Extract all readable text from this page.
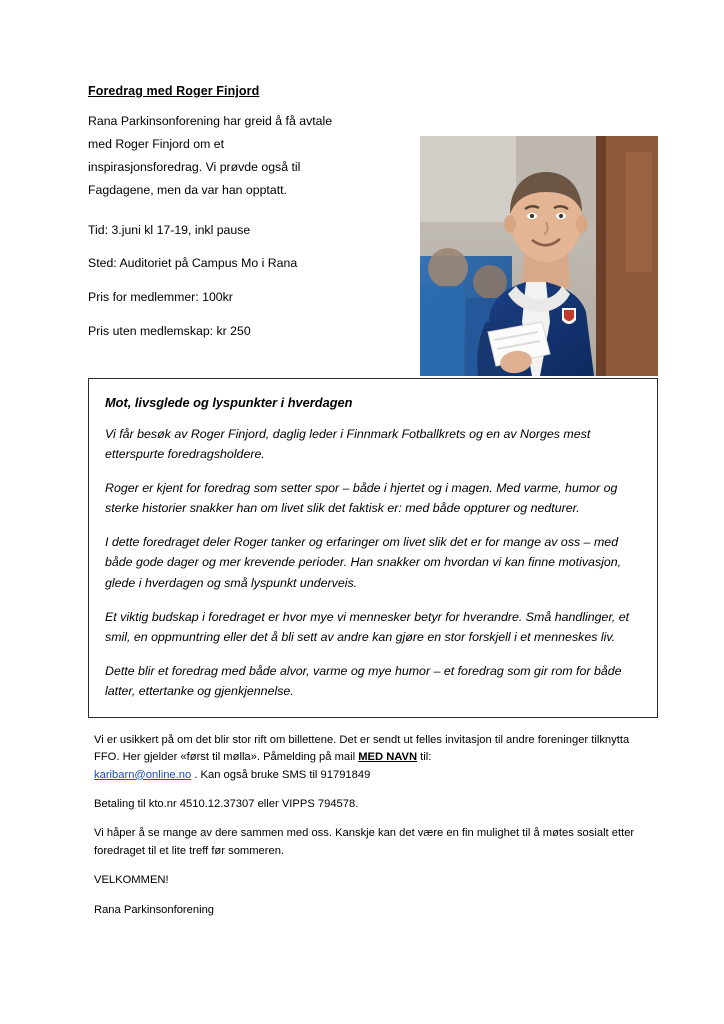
Foredrag med Roger Finjord

Rana Parkinsonforening har greid å få avtale

med Roger Finjord om et

inspirasjonsforedrag. Vi prøvde også til

Fagdagene, men da var han opptatt.

Tid: 3.juni kl 17-19, inkl pause

Sted: Auditoriet på Campus Mo i Rana

Pris for medlemmer: 100kr

Pris uten medlemskap: kr 250

Mot, livsglede og lyspunkter i hverdagen

Vi får besøk av Roger Finjord, daglig leder i Finnmark Fotballkrets og en av Norges mest etterspurte foredragsholdere.

Roger er kjent for foredrag som setter spor – både i hjertet og i magen. Med varme, humor og sterke historier snakker han om livet slik det faktisk er: med både oppturer og nedturer.

I dette foredraget deler Roger tanker og erfaringer om livet slik det er for mange av oss – med både gode dager og mer krevende perioder. Han snakker om hvordan vi kan finne motivasjon, glede i hverdagen og små lyspunkt underveis.

Et viktig budskap i foredraget er hvor mye vi mennesker betyr for hverandre. Små handlinger, et smil, en oppmuntring eller det å bli sett av andre kan gjøre en stor forskjell i et menneskes liv.

Dette blir et foredrag med både alvor, varme og mye humor – et foredrag som gir rom for både latter, ettertanke og gjenkjennelse.

Vi er usikkert på om det blir stor rift om billettene. Det er sendt ut felles invitasjon til andre foreninger tilknytta FFO. Her gjelder «først til mølla». Påmelding på mail MED NAVN til:
karibarn@online.no . Kan også bruke SMS til 91791849

Betaling til kto.nr 4510.12.37307 eller VIPPS 794578.

Vi håper å se mange av dere sammen med oss. Kanskje kan det være en fin mulighet til å møtes sosialt etter foredraget til et lite treff før sommeren.

VELKOMMEN!

Rana Parkinsonforening
